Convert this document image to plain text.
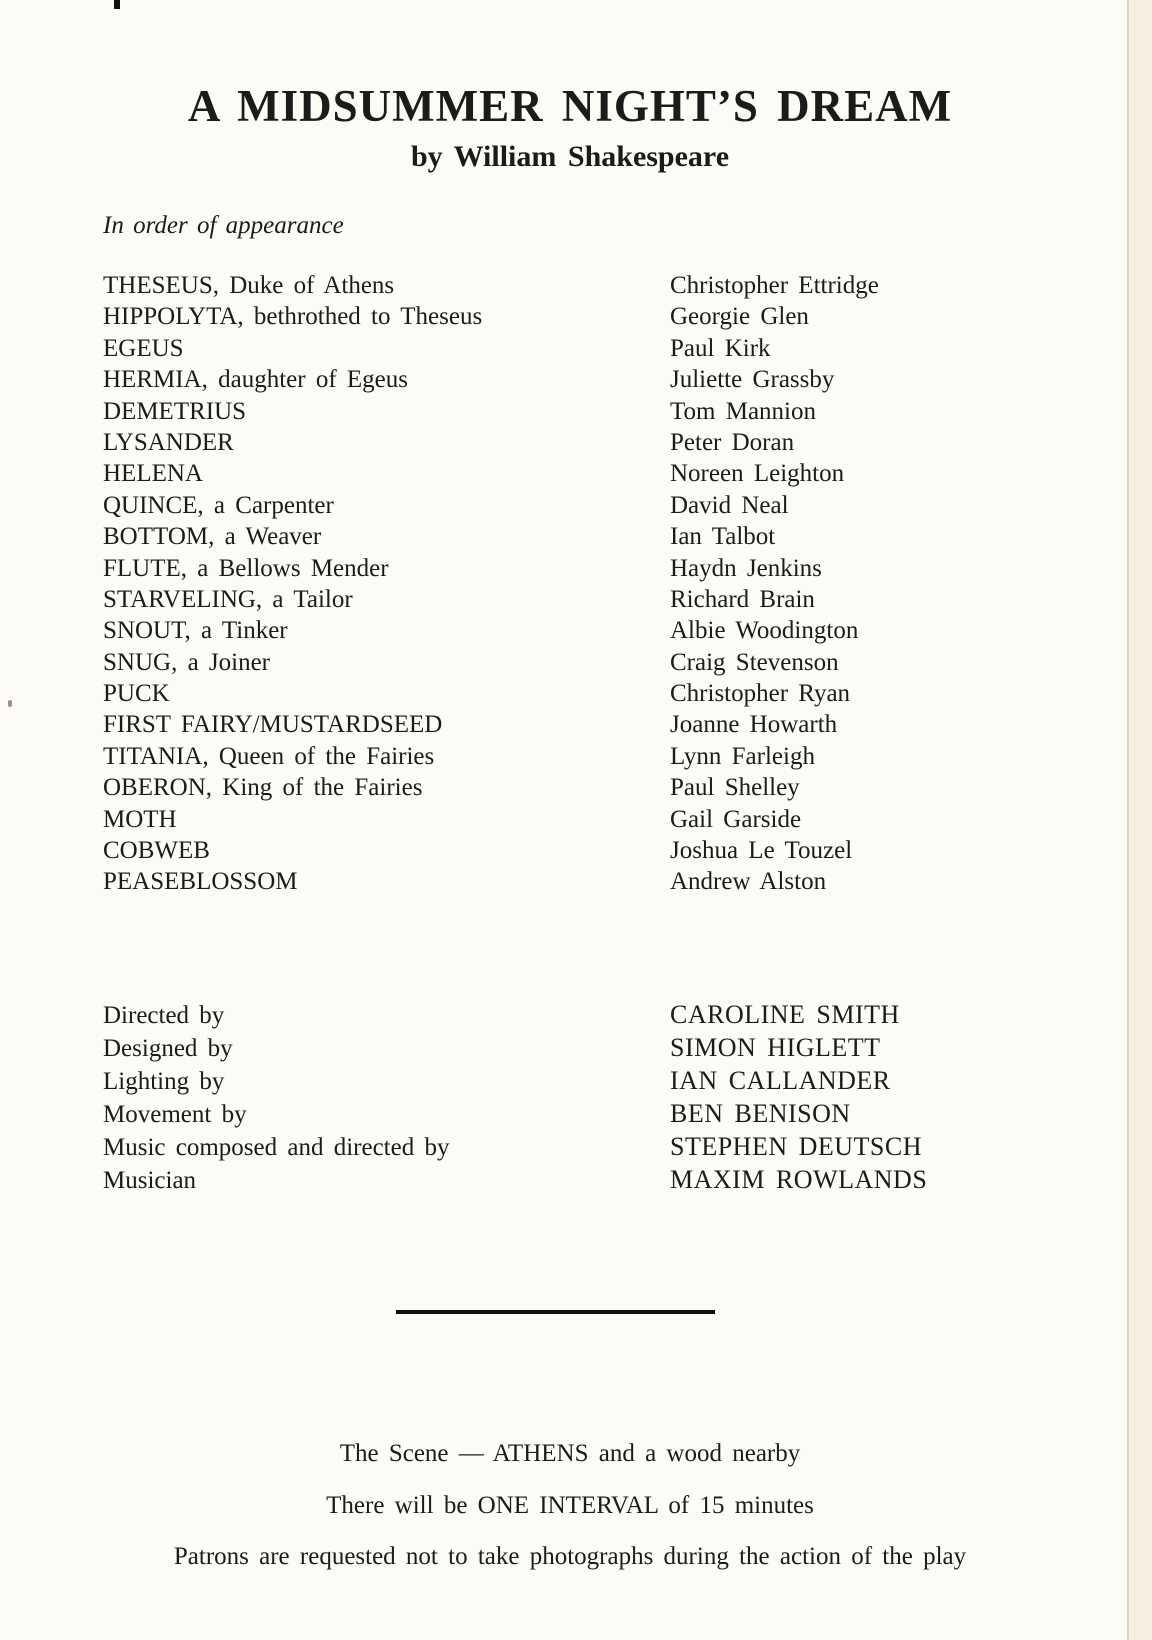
A MIDSUMMER NIGHT’S DREAM
by William Shakespeare

In order of appearance

THESEUS, Duke of Athens	Christopher Ettridge
HIPPOLYTA, bethrothed to Theseus	Georgie Glen
EGEUS	Paul Kirk
HERMIA, daughter of Egeus	Juliette Grassby
DEMETRIUS	Tom Mannion
LYSANDER	Peter Doran
HELENA	Noreen Leighton
QUINCE, a Carpenter	David Neal
BOTTOM, a Weaver	Ian Talbot
FLUTE, a Bellows Mender	Haydn Jenkins
STARVELING, a Tailor	Richard Brain
SNOUT, a Tinker	Albie Woodington
SNUG, a Joiner	Craig Stevenson
PUCK	Christopher Ryan
FIRST FAIRY/MUSTARDSEED	Joanne Howarth
TITANIA, Queen of the Fairies	Lynn Farleigh
OBERON, King of the Fairies	Paul Shelley
MOTH	Gail Garside
COBWEB	Joshua Le Touzel
PEASEBLOSSOM	Andrew Alston
Directed by	CAROLINE SMITH
Designed by	SIMON HIGLETT
Lighting by	IAN CALLANDER
Movement by	BEN BENISON
Music composed and directed by	STEPHEN DEUTSCH
Musician	MAXIM ROWLANDS

The Scene — ATHENS and a wood nearby

There will be ONE INTERVAL of 15 minutes

Patrons are requested not to take photographs during the action of the play
